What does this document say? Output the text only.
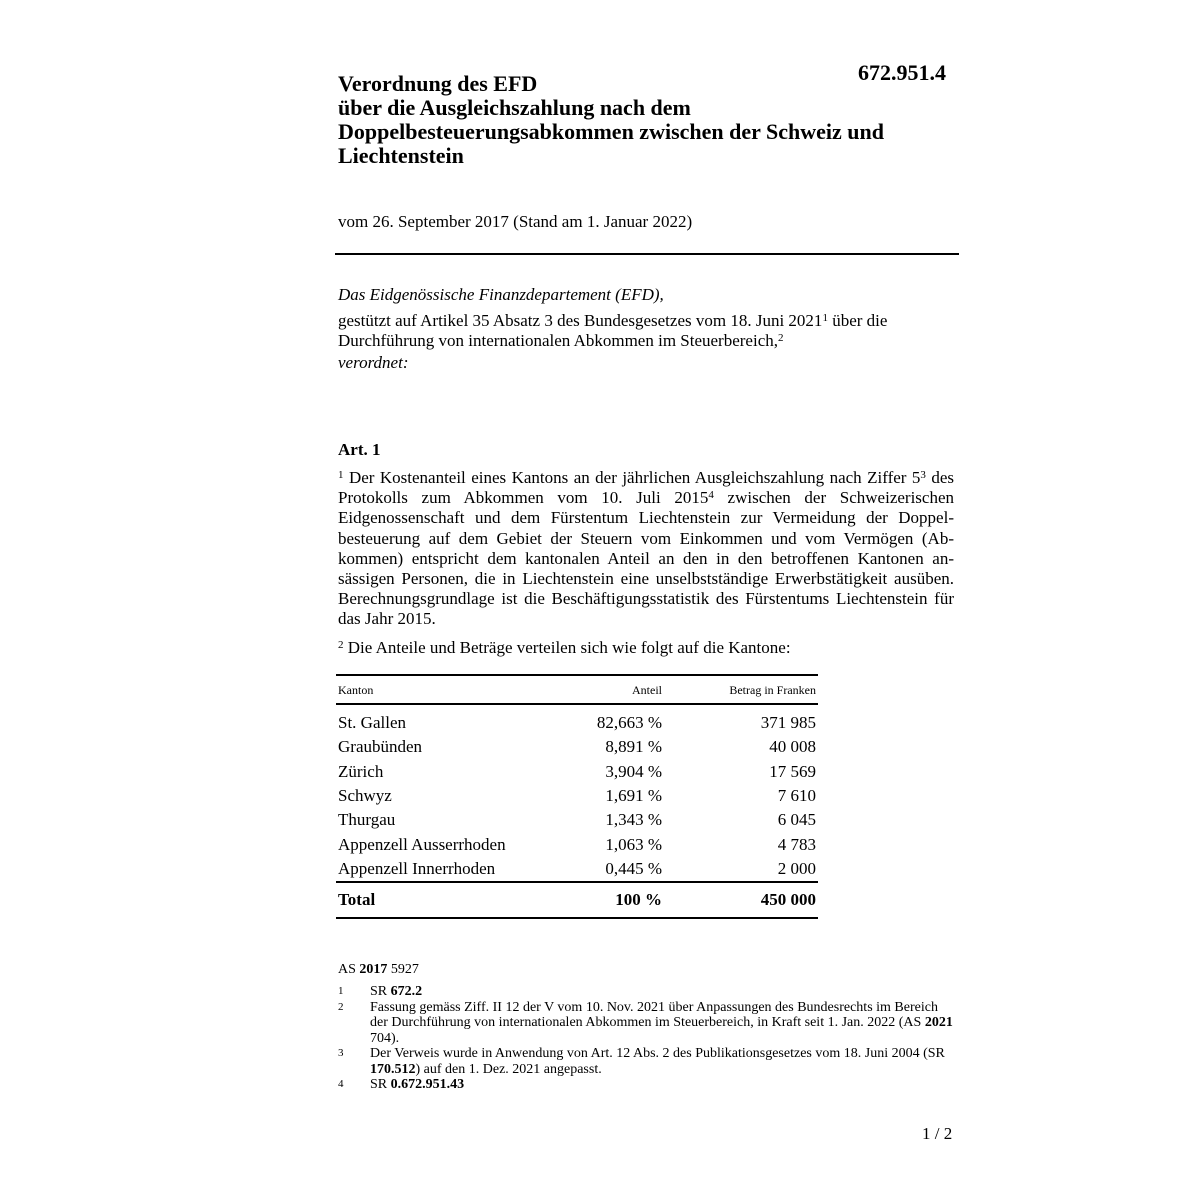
672.951.4
Verordnung des EFD
über die Ausgleichszahlung nach dem
Doppelbesteuerungsabkommen zwischen der Schweiz und
Liechtenstein

vom 26. September 2017 (Stand am 1. Januar 2022)

Das Eidgenössische Finanzdepartement (EFD),

gestützt auf Artikel 35 Absatz 3 des Bundesgesetzes vom 18. Juni 2021$^1$ über die Durchführung von internationalen Abkommen im Steuerbereich,$^2$

verordnet:

Art. 1

$^1$ Der Kostenanteil eines Kantons an der jährlichen Ausgleichszahlung nach Ziffer $5^3$ des Protokolls zum Abkommen vom 10. Juli 2015$^4$ zwischen der Schweizerischen Eidgenossenschaft und dem Fürstentum Liechtenstein zur Vermeidung der Doppelbesteuerung auf dem Gebiet der Steuern vom Einkommen und vom Vermögen (Abkommen) entspricht dem kantonalen Anteil an den in den betroffenen Kantonen ansässigen Personen, die in Liechtenstein eine unselbstständige Erwerbstätigkeit ausüben. Berechnungsgrundlage ist die Beschäftigungsstatistik des Fürstentums Liechtenstein für das Jahr 2015.

$^2$ Die Anteile und Beträge verteilen sich wie folgt auf die Kantone:

Kanton	Anteil	Betrag in Franken
St. Gallen	82,663 %	371 985
Graubünden	8,891 %	40 008
Zürich	3,904 %	17 569
Schwyz	1,691 %	7 610
Thurgau	1,343 %	6 045
Appenzell Ausserrhoden	1,063 %	4 783
Appenzell Innerrhoden	0,445 %	2 000
Total	100 %	450 000

AS 2017 5927

1	SR 672.2
2	Fassung gemäss Ziff. II 12 der V vom 10. Nov. 2021 über Anpassungen des Bundesrechts im Bereich der Durchführung von internationalen Abkommen im Steuerbereich, in Kraft seit 1. Jan. 2022 (AS 2021 704).
3	Der Verweis wurde in Anwendung von Art. 12 Abs. 2 des Publikationsgesetzes vom 18. Juni 2004 (SR 170.512) auf den 1. Dez. 2021 angepasst.
4	SR 0.672.951.43

1 / 2
